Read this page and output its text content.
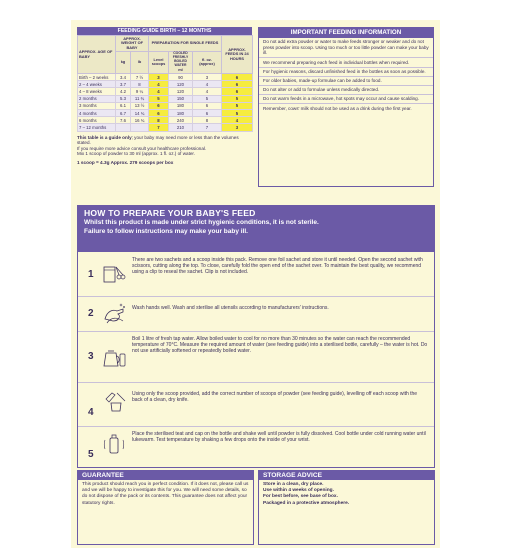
FEEDING GUIDE BIRTH – 12 MONTHS
APPROX. AGE OF BABY	APPROX. WEIGHT OF BABY		PREPARATION FOR SINGLE FEEDS			APPROX. FEEDS IN 24 HOURS
	kg	lb	Level scoops	COOLED FRESHLY BOILED WATER
ml	fl. oz. (approx)	
Birth – 2 weeks	3.4	7 ½	3	90	3	6
2 – 4 weeks	3.7	8	4	120	4	6
4 – 8 weeks	4.2	9 ¼	4	120	4	6
2 months	5.3	11 ¾	5	150	5	5
3 months	6.1	13 ½	6	180	6	5
4 months	6.7	14 ¾	6	180	6	5
6 months	7.6	16 ¾	8	240	8	4
7 – 12 months			7	210	7	3
This table is a guide only; your baby may need more or less than the volumes stated.
If you require more advice consult your healthcare professional.
Mix 1 scoop of powder to 30 ml (approx. 1 fl. oz.) of water.
1 scoop = 4.3g Approx. 279 scoops per box
IMPORTANT FEEDING INFORMATION
Do not add extra powder or water to make feeds stronger or weaker and do not press powder into scoop. Using too much or too little powder can make your baby ill.
We recommend preparing each feed in individual bottles when required.
For hygienic reasons, discard unfinished feed in the bottles as soon as possible.
For older babies, made-up formulae can be added to food.
Do not alter or add to formulae unless medically directed.
Do not warm feeds in a microwave, hot spots may occur and cause scalding.
Remember, cows' milk should not be used as a drink during the first year.
HOW TO PREPARE YOUR BABY'S FEED
Whilst this product is made under strict hygienic conditions, it is not sterile.
Failure to follow instructions may make your baby ill.
1
There are two sachets and a scoop inside this pack. Remove one foil sachet and store it until needed. Open the second sachet with scissors, cutting along the top. To close, carefully fold the open end of the sachet over. To maintain the best quality, we recommend using a clip to reseal the sachet. Clip is not included.
2	Wash hands well. Wash and sterilise all utensils according to manufacturers' instructions.
3
Boil 1 litre of fresh tap water. Allow boiled water to cool for no more than 30 minutes so the water can reach the recommended temperature of 70°C. Measure the required amount of water (see feeding guide) into a sterilised bottle, carefully – the water is hot. Do not use artificially softened or repeatedly boiled water.
4
Using only the scoop provided, add the correct number of scoops of powder (see feeding guide), levelling off each scoop with the back of a clean, dry knife.
5
Place the sterilised teat and cap on the bottle and shake well until powder is fully dissolved. Cool bottle under cold running water until lukewarm. Test temperature by shaking a few drops onto the inside of your wrist.
GUARANTEE
This product should reach you in perfect condition. If it does not, please call us and we will be happy to investigate this for you. We will need some details, so do not dispose of the pack or its contents. This guarantee does not affect your statutory rights.
STORAGE ADVICE
Store in a clean, dry place.
Use within 4 weeks of opening.
For best before, see base of box.
Packaged in a protective atmosphere.
